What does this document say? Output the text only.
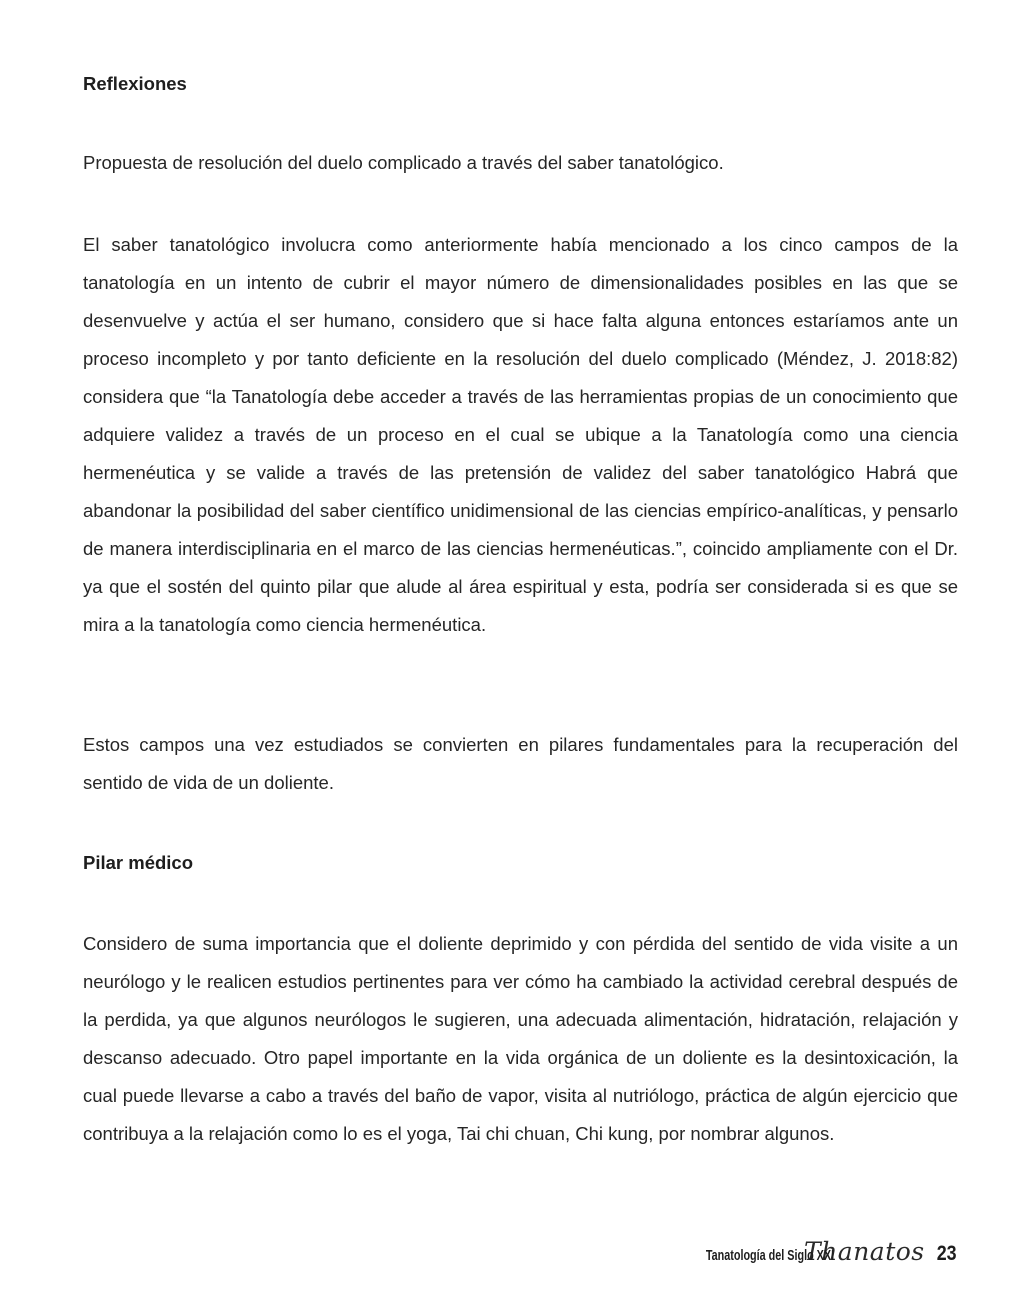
Reflexiones

Propuesta de resolución del duelo complicado a través del saber tanatológico.

El saber tanatológico involucra como anteriormente había mencionado a los cinco campos de la tanatología en un intento de cubrir el mayor número de dimensionalidades posibles en las que se desenvuelve y actúa el ser humano, considero que si hace falta alguna entonces estaríamos ante un proceso incompleto y por tanto deficiente en la resolución del duelo complicado (Méndez, J. 2018:82) considera que “la Tanatología debe acceder a través de las herramientas propias de un conocimiento que adquiere validez a través de un proceso en el cual se ubique a la Tanatología como una ciencia hermenéutica y se valide a través de las pretensión de validez del saber tanatológico Habrá que abandonar la posibilidad del saber científico unidimensional de las ciencias empírico-analíticas, y pensarlo de manera interdisciplinaria en el marco de las ciencias hermenéuticas.”, coincido ampliamente con el Dr. ya que el sostén del quinto pilar que alude al área espiritual y esta, podría ser considerada si es que se mira a la tanatología como ciencia hermenéutica.

Estos campos una vez estudiados se convierten en pilares fundamentales para la recuperación del sentido de vida de un doliente.

Pilar médico

Considero de suma importancia que el doliente deprimido y con pérdida del sentido de vida visite a un neurólogo y le realicen estudios pertinentes para ver cómo ha cambiado la actividad cerebral después de la perdida, ya que algunos neurólogos le sugieren, una adecuada alimentación, hidratación, relajación y descanso adecuado. Otro papel importante en la vida orgánica de un doliente es la desintoxicación, la cual puede llevarse a cabo a través del baño de vapor, visita al nutriólogo, práctica de algún ejercicio que contribuya a la relajación como lo es el yoga, Tai chi chuan, Chi kung, por nombrar algunos.

Tanatología del Siglo XXI
Thanatos 23
